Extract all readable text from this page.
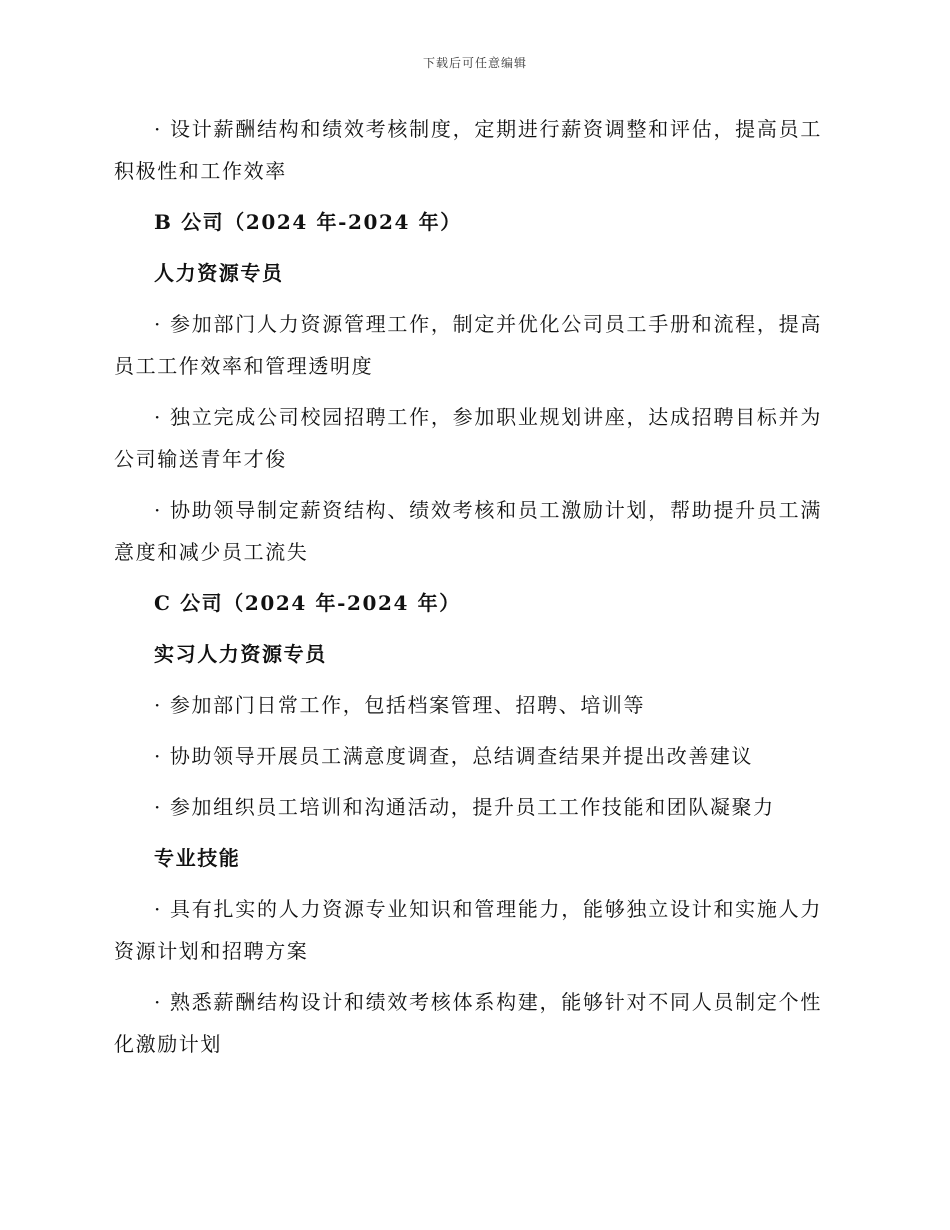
下载后可任意编辑

· 设计薪酬结构和绩效考核制度，定期进行薪资调整和评估，提高员工积极性和工作效率

B 公司（2024 年-2024 年）

人力资源专员

· 参加部门人力资源管理工作，制定并优化公司员工手册和流程，提高员工工作效率和管理透明度

· 独立完成公司校园招聘工作，参加职业规划讲座，达成招聘目标并为公司输送青年才俊

· 协助领导制定薪资结构、绩效考核和员工激励计划，帮助提升员工满意度和减少员工流失

C 公司（2024 年-2024 年）

实习人力资源专员

· 参加部门日常工作，包括档案管理、招聘、培训等

· 协助领导开展员工满意度调查，总结调查结果并提出改善建议

· 参加组织员工培训和沟通活动，提升员工工作技能和团队凝聚力

专业技能

· 具有扎实的人力资源专业知识和管理能力，能够独立设计和实施人力资源计划和招聘方案

· 熟悉薪酬结构设计和绩效考核体系构建，能够针对不同人员制定个性化激励计划
